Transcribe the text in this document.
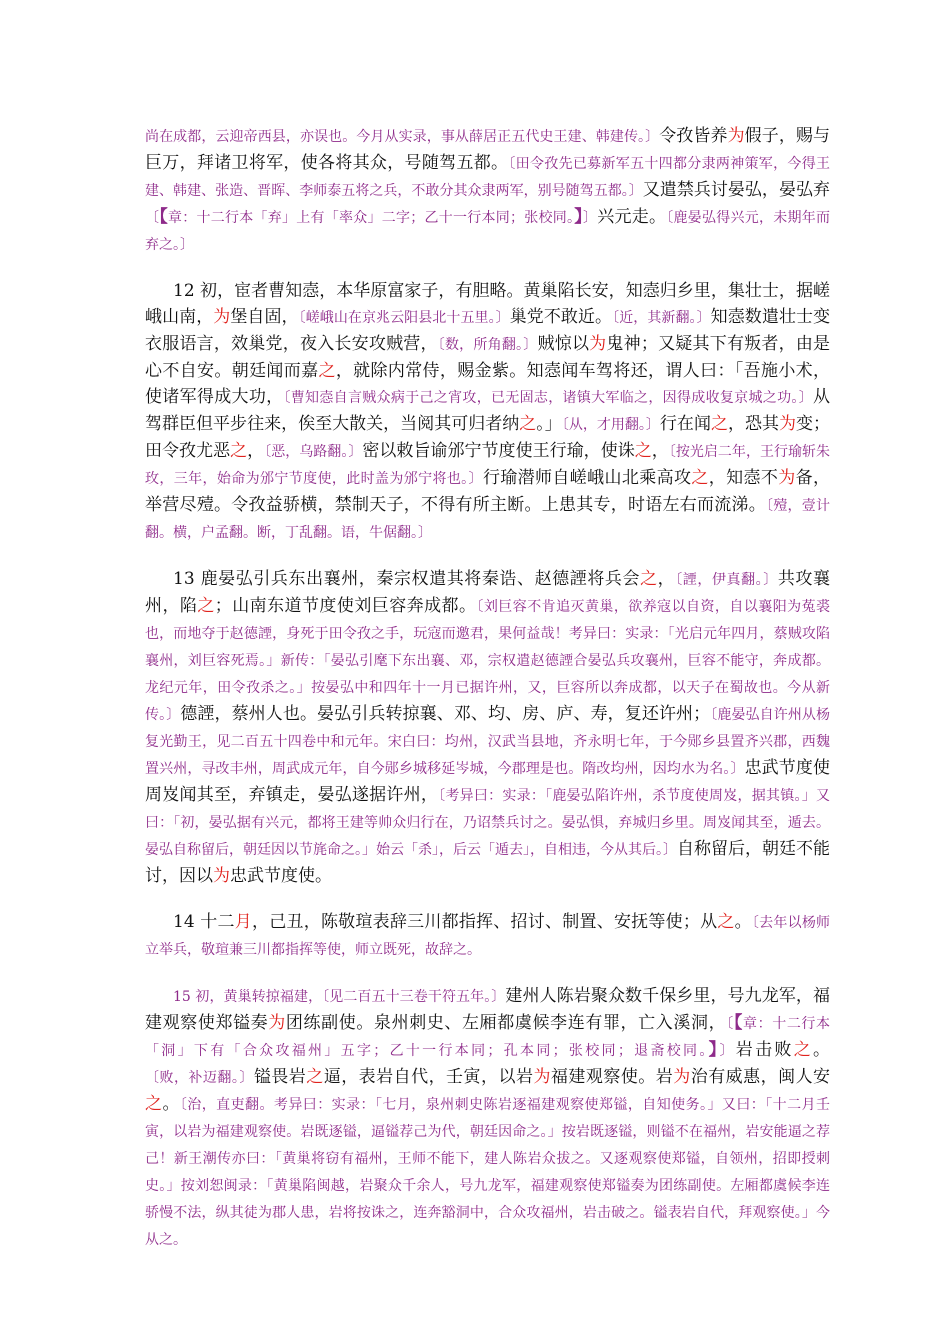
尚在成都，云迎帝西县，亦误也。今月从实录，事从薛居正五代史王建、韩建传。〕令孜皆养为假子，赐与巨万，拜诸卫将军，使各将其众，号随驾五都。〔田令孜先已募新军五十四都分隶两神策军，今得王建、韩建、张造、晋晖、李师泰五将之兵，不敢分其众隶两军，别号随驾五都。〕又遣禁兵讨晏弘，晏弘弃〔【章：十二行本「弃」上有「率众」二字；乙十一行本同；张校同。】〕兴元走。〔鹿晏弘得兴元，未期年而弃之。〕

12 初，宦者曹知悫，本华原富家子，有胆略。黄巢陷长安，知悫归乡里，集壮士，据嵯峨山南，为堡自固，〔嵯峨山在京兆云阳县北十五里。〕巢党不敢近。〔近，其新翻。〕知悫数遣壮士变衣服语言，效巢党，夜入长安攻贼营，〔数，所角翻。〕贼惊以为鬼神；又疑其下有叛者，由是心不自安。朝廷闻而嘉之，就除内常侍，赐金紫。知悫闻车驾将还，谓人曰：「吾施小术，使诸军得成大功，〔曹知悫自言贼众病于己之宵攻，已无固志，诸镇大军临之，因得成收复京城之功。〕从驾群臣但平步往来，俟至大散关，当阅其可归者纳之。」〔从，才用翻。〕行在闻之，恐其为变；田令孜尤恶之，〔恶，乌路翻。〕密以敕旨谕邠宁节度使王行瑜，使诛之，〔按光启二年，王行瑜斩朱玫，三年，始命为邠宁节度使，此时盖为邠宁将也。〕行瑜潜师自嵯峨山北乘高攻之，知悫不为备，举营尽殪。令孜益骄横，禁制天子，不得有所主断。上患其专，时语左右而流涕。〔殪，壹计翻。横，户孟翻。断，丁乱翻。语，牛倨翻。〕

13 鹿晏弘引兵东出襄州，秦宗权遣其将秦诰、赵德諲将兵会之，〔諲，伊真翻。〕共攻襄州，陷之；山南东道节度使刘巨容奔成都。〔刘巨容不肯追灭黄巢，欲养寇以自资，自以襄阳为菟裘也，而地夺于赵德諲，身死于田令孜之手，玩寇而邀君，果何益哉！考异曰：实录：「光启元年四月，蔡贼攻陷襄州，刘巨容死焉。」新传：「晏弘引麾下东出襄、邓，宗权遣赵德諲合晏弘兵攻襄州，巨容不能守，奔成都。龙纪元年，田令孜杀之。」按晏弘中和四年十一月已据许州，又，巨容所以奔成都，以天子在蜀故也。今从新传。〕德諲，蔡州人也。晏弘引兵转掠襄、邓、均、房、庐、寿，复还许州；〔鹿晏弘自许州从杨复光勤王，见二百五十四卷中和元年。宋白曰：均州，汉武当县地，齐永明七年，于今郧乡县置齐兴郡，西魏置兴州，寻改丰州，周武成元年，自今郧乡城移延岑城，今郡理是也。隋改均州，因均水为名。〕忠武节度使周岌闻其至，弃镇走，晏弘遂据许州，〔考异曰：实录：「鹿晏弘陷许州，杀节度使周岌，据其镇。」又曰：「初，晏弘据有兴元，都将王建等帅众归行在，乃诏禁兵讨之。晏弘惧，弃城归乡里。周岌闻其至，遁去。晏弘自称留后，朝廷因以节旄命之。」始云「杀」，后云「遁去」，自相违，今从其后。〕自称留后，朝廷不能讨，因以为忠武节度使。

14 十二月，己丑，陈敬瑄表辞三川都指挥、招讨、制置、安抚等使；从之。〔去年以杨师立举兵，敬瑄兼三川都指挥等使，师立既死，故辞之。

15 初，黄巢转掠福建，〔见二百五十三卷干符五年。〕建州人陈岩聚众数千保乡里，号九龙军，福建观察使郑镒奏为团练副使。泉州刺史、左厢都虞候李连有罪，亡入溪洞，〔【章：十二行本「洞」下有「合众攻福州」五字；乙十一行本同；孔本同；张校同；退斋校同。】〕岩击败之。〔败，补迈翻。〕镒畏岩之逼，表岩自代，壬寅，以岩为福建观察使。岩为治有威惠，闽人安之。〔治，直吏翻。考异曰：实录：「七月，泉州刺史陈岩逐福建观察使郑镒，自知使务。」又曰：「十二月壬寅，以岩为福建观察使。岩既逐镒，逼镒荐己为代，朝廷因命之。」按岩既逐镒，则镒不在福州，岩安能逼之荐己！新王潮传亦曰：「黄巢将窃有福州，王师不能下，建人陈岩众拔之。又逐观察使郑镒，自领州，招即授刺史。」按刘恕闽录：「黄巢陷闽越，岩聚众千余人，号九龙军，福建观察使郑镒奏为团练副使。左厢都虞候李连骄慢不法，纵其徒为郡人患，岩将按诛之，连奔豁洞中，合众攻福州，岩击破之。镒表岩自代，拜观察使。」今从之。
